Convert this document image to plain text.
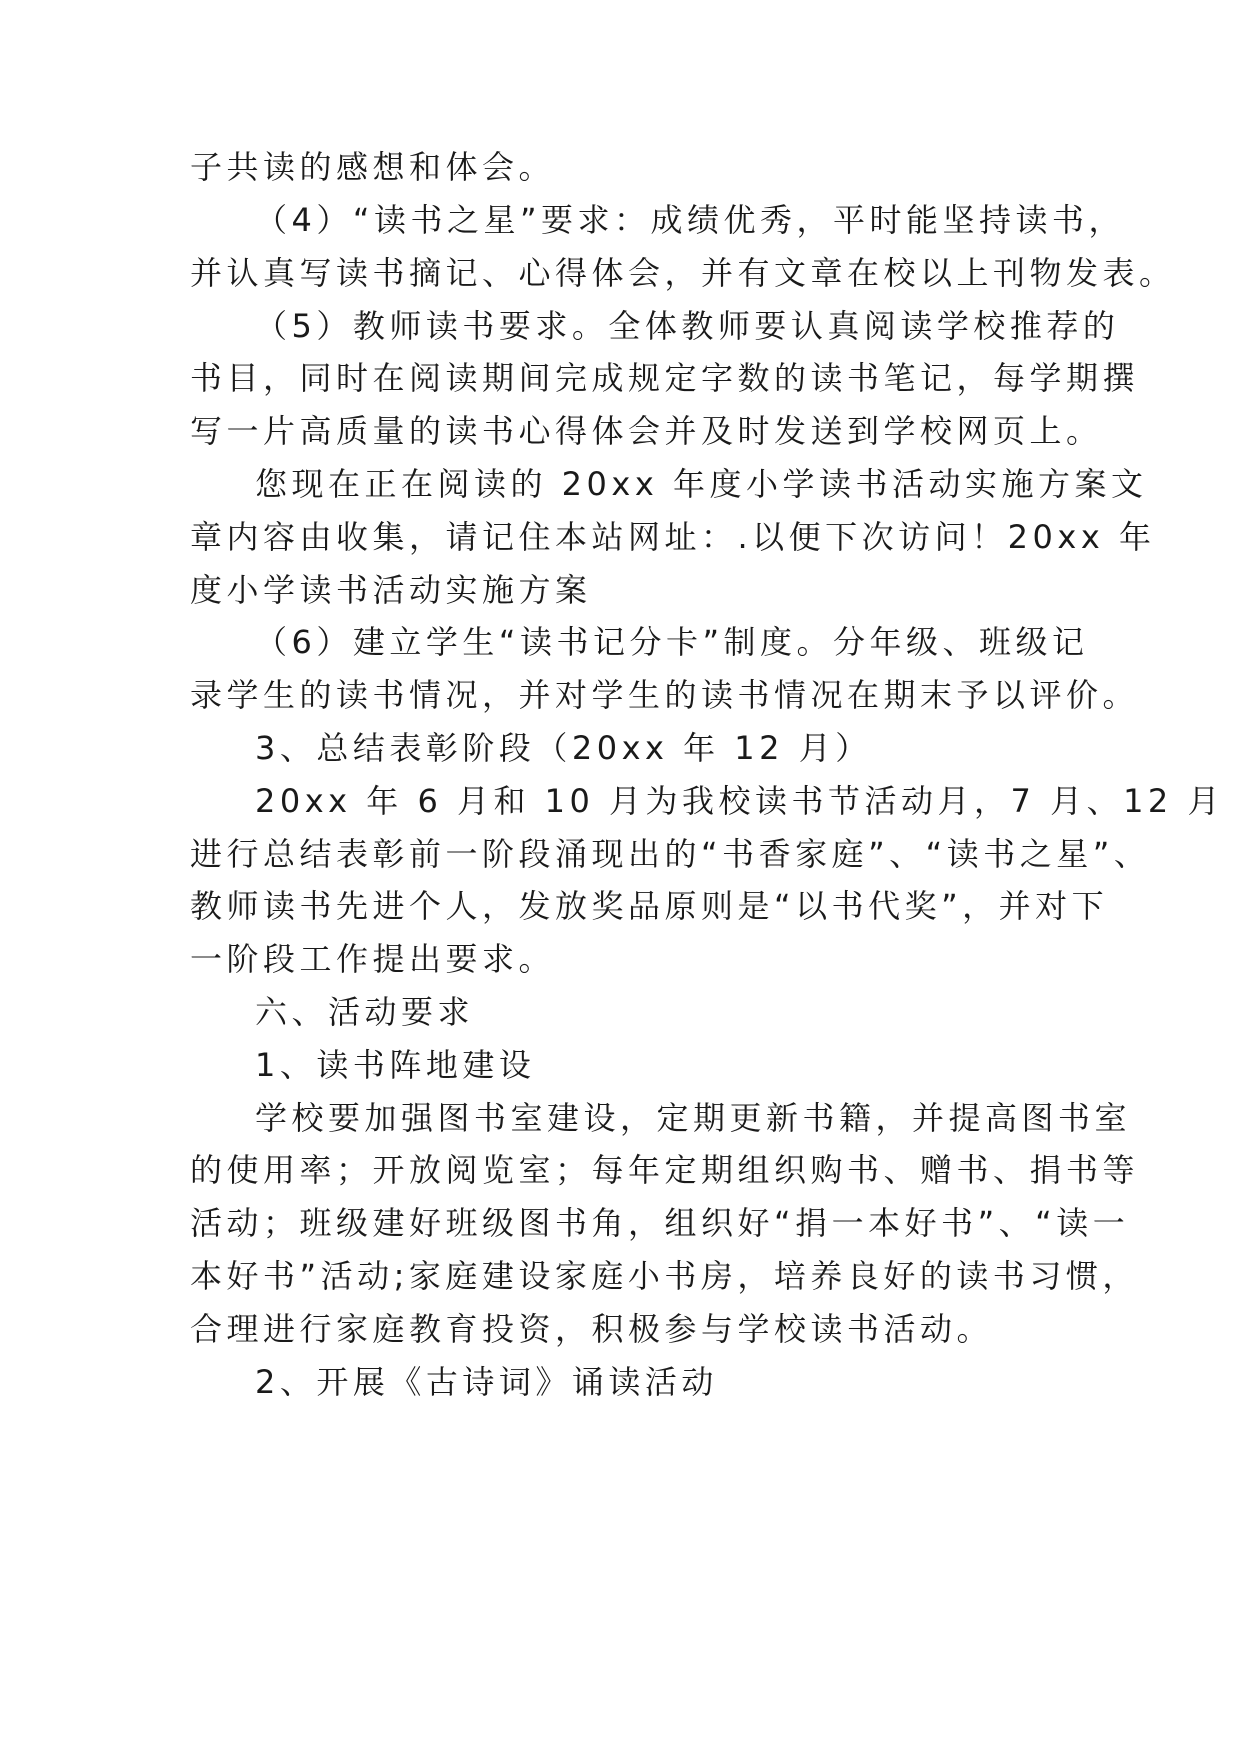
子共读的感想和体会。

（4）“读书之星”要求：成绩优秀，平时能坚持读书，

并认真写读书摘记、心得体会，并有文章在校以上刊物发表。

（5）教师读书要求。全体教师要认真阅读学校推荐的

书目，同时在阅读期间完成规定字数的读书笔记，每学期撰

写一片高质量的读书心得体会并及时发送到学校网页上。

您现在正在阅读的 20xx 年度小学读书活动实施方案文

章内容由收集，请记住本站网址：.以便下次访问！20xx 年

度小学读书活动实施方案

（6）建立学生“读书记分卡”制度。分年级、班级记

录学生的读书情况，并对学生的读书情况在期末予以评价。

3、总结表彰阶段（20xx 年 12 月）

20xx 年 6 月和 10 月为我校读书节活动月，7 月、12 月

进行总结表彰前一阶段涌现出的“书香家庭”、“读书之星”、

教师读书先进个人，发放奖品原则是“以书代奖”，并对下

一阶段工作提出要求。

六、活动要求

1、读书阵地建设

学校要加强图书室建设，定期更新书籍，并提高图书室

的使用率；开放阅览室；每年定期组织购书、赠书、捐书等

活动；班级建好班级图书角，组织好“捐一本好书”、“读一

本好书”活动;家庭建设家庭小书房，培养良好的读书习惯，

合理进行家庭教育投资，积极参与学校读书活动。

2、开展《古诗词》诵读活动
